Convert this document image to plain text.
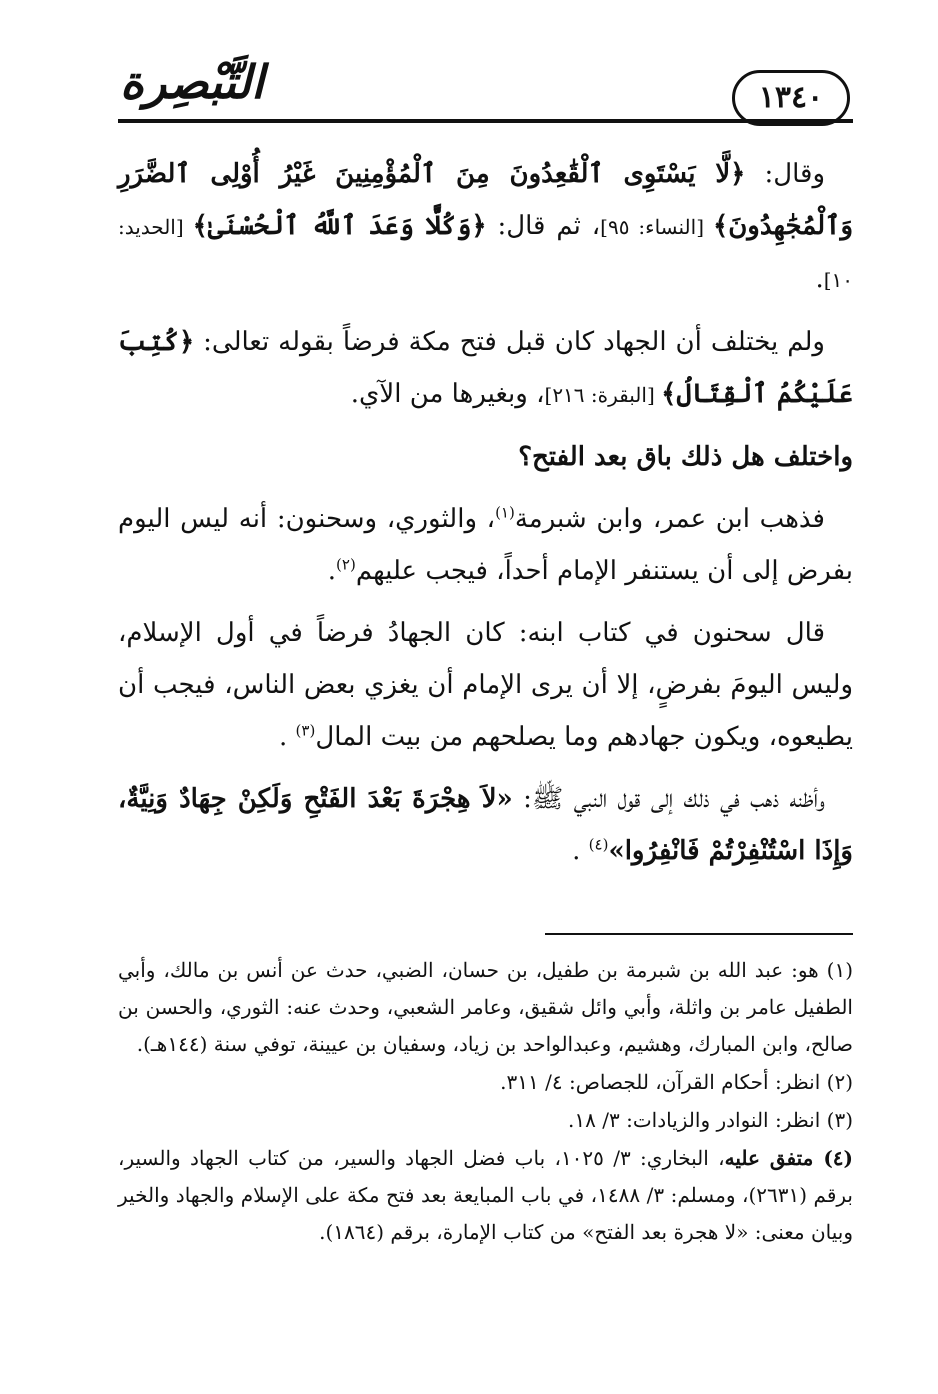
التَّبْصِرة	١٣٤٠

وقال: ﴿لَّا يَسْتَوِى ٱلْقَٰعِدُونَ مِنَ ٱلْمُؤْمِنِينَ غَيْرُ أُوْلِى ٱلضَّرَرِ وَٱلْمُجَٰهِدُونَ﴾ [النساء: ٩٥]، ثم قال: ﴿وَكُلًّا وَعَدَ ٱللَّهُ ٱلْحُسْنَىٰ﴾ [الحديد: ١٠].

ولم يختلف أن الجهاد كان قبل فتح مكة فرضاً بقوله تعالى: ﴿كُتِبَ عَلَيْكُمُ ٱلْقِتَالُ﴾ [البقرة: ٢١٦]، وبغيرها من الآي.

واختلف هل ذلك باق بعد الفتح؟

فذهب ابن عمر، وابن شبرمة$^{(١)}$، والثوري، وسحنون: أنه ليس اليوم بفرض إلى أن يستنفر الإمام أحداً، فيجب عليهم$^{(٢)}$.

قال سحنون في كتاب ابنه: كان الجهادُ فرضاً في أول الإسلام، وليس اليومَ بفرضٍ، إلا أن يرى الإمام أن يغزي بعض الناس، فيجب أن يطيعوه، ويكون جهادهم وما يصلحهم من بيت المال$^{(٣)}$ .

وأظنه ذهب في ذلك إلى قول النبي ﷺ: «لاَ هِجْرَةَ بَعْدَ الفَتْحِ وَلَكِنْ جِهَادٌ وَنِيَّةٌ، وَإِذَا اسْتُنْفِرْتُمْ فَانْفِرُوا»$^{(٤)}$ .

(١) هو: عبد الله بن شبرمة بن طفيل، بن حسان، الضبي، حدث عن أنس بن مالك، وأبي الطفيل عامر بن واثلة، وأبي وائل شقيق، وعامر الشعبي، وحدث عنه: الثوري، والحسن بن صالح، وابن المبارك، وهشيم، وعبدالواحد بن زياد، وسفيان بن عيينة، توفي سنة (١٤٤هـ).

(٢) انظر: أحكام القرآن، للجصاص: ٤/ ٣١١.

(٣) انظر: النوادر والزيادات: ٣/ ١٨.

(٤) متفق عليه، البخاري: ٣/ ١٠٢٥، باب فضل الجهاد والسير، من كتاب الجهاد والسير، برقم (٢٦٣١)، ومسلم: ٣/ ١٤٨٨، في باب المبايعة بعد فتح مكة على الإسلام والجهاد والخير وبيان معنى: «لا هجرة بعد الفتح» من كتاب الإمارة، برقم (١٨٦٤).
